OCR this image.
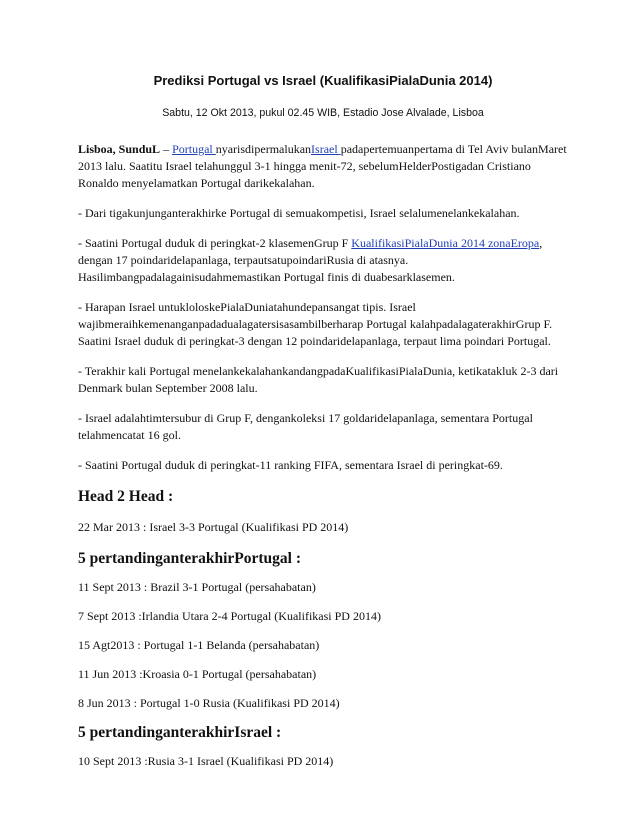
Prediksi Portugal vs Israel (KualifikasiPialaDunia 2014)
Sabtu, 12 Okt 2013, pukul 02.45 WIB, Estadio Jose Alvalade, Lisboa

Lisboa, SunduL – Portugal nyarisdipermalukanIsrael padapertemuanpertama di Tel Aviv bulanMaret 2013 lalu. Saatitu Israel telahunggul 3-1 hingga menit-72, sebelumHelderPostigadan Cristiano Ronaldo menyelamatkan Portugal darikekalahan.

- Dari tigakunjunganterakhirke Portugal di semuakompetisi, Israel selalumenelankekalahan.

- Saatini Portugal duduk di peringkat-2 klasemenGrup F KualifikasiPialaDunia 2014 zonaEropa, dengan 17 poindaridelapanlaga, terpautsatupoindariRusia di atasnya. Hasilimbangpadalagainisudahmemastikan Portugal finis di duabesarklasemen.

- Harapan Israel untukloloskePialaDuniatahundepansangat tipis. Israel wajibmeraihkemenanganpadadualagatersisasambilberharap Portugal kalahpadalagaterakhirGrup F. Saatini Israel duduk di peringkat-3 dengan 12 poindaridelapanlaga, terpaut lima poindari Portugal.

- Terakhir kali Portugal menelankekalahankandangpadaKualifikasiPialaDunia, ketikatakluk 2-3 dari Denmark bulan September 2008 lalu.

- Israel adalahtimtersubur di Grup F, dengankoleksi 17 goldaridelapanlaga, sementara Portugal telahmencatat 16 gol.

- Saatini Portugal duduk di peringkat-11 ranking FIFA, sementara Israel di peringkat-69.

Head 2 Head :

22 Mar 2013 : Israel 3-3 Portugal (Kualifikasi PD 2014)

5 pertandinganterakhirPortugal :

11 Sept 2013 : Brazil 3-1 Portugal (persahabatan)

7 Sept 2013 :Irlandia Utara 2-4 Portugal (Kualifikasi PD 2014)

15 Agt2013 : Portugal 1-1 Belanda (persahabatan)

11 Jun 2013 :Kroasia 0-1 Portugal (persahabatan)

8 Jun 2013 : Portugal 1-0 Rusia (Kualifikasi PD 2014)

5 pertandinganterakhirIsrael :

10 Sept 2013 :Rusia 3-1 Israel (Kualifikasi PD 2014)
